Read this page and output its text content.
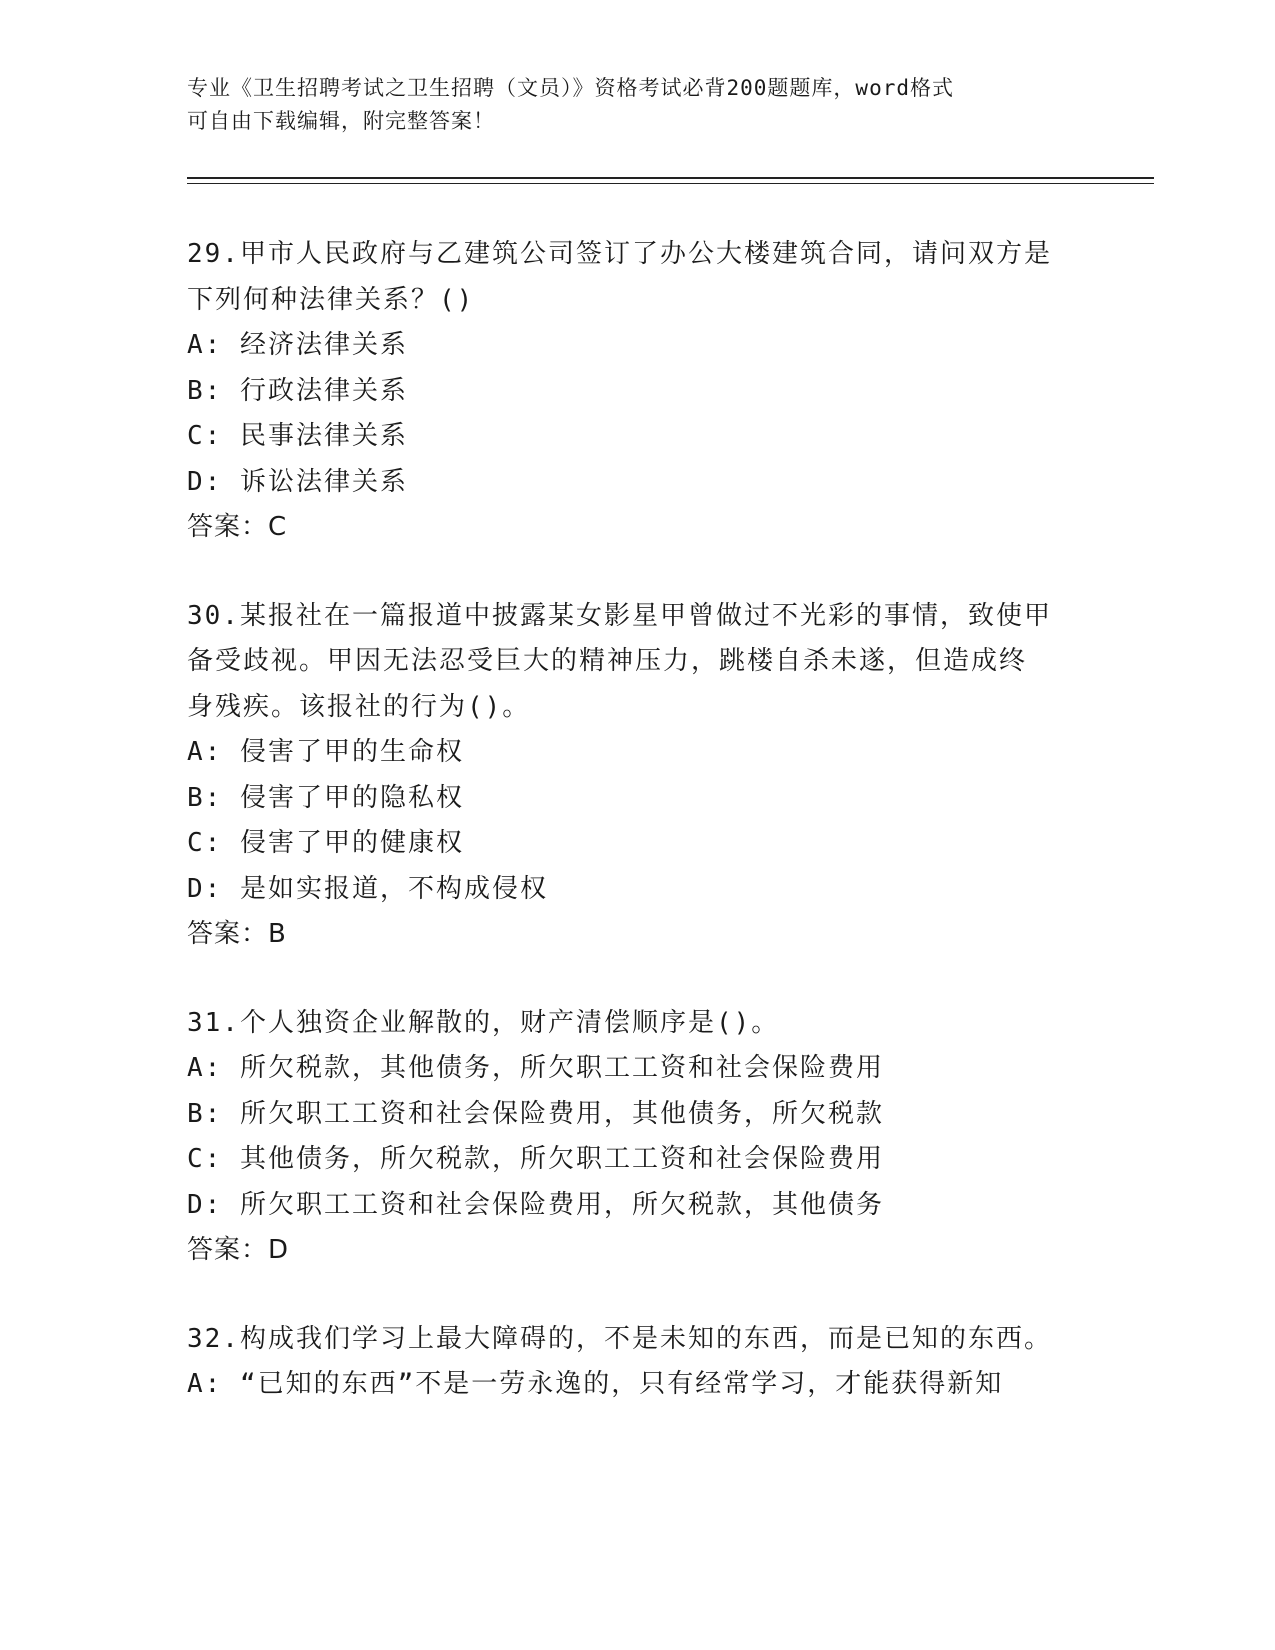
专业《卫生招聘考试之卫生招聘（文员）》资格考试必背200题题库，word格式
可自由下载编辑，附完整答案！
29.甲市人民政府与乙建筑公司签订了办公大楼建筑合同，请问双方是
下列何种法律关系？()
A: 经济法律关系
B: 行政法律关系
C: 民事法律关系
D: 诉讼法律关系
答案：C
30.某报社在一篇报道中披露某女影星甲曾做过不光彩的事情，致使甲
备受歧视。甲因无法忍受巨大的精神压力，跳楼自杀未遂，但造成终
身残疾。该报社的行为()。
A: 侵害了甲的生命权
B: 侵害了甲的隐私权
C: 侵害了甲的健康权
D: 是如实报道，不构成侵权
答案：B
31.个人独资企业解散的，财产清偿顺序是()。
A: 所欠税款，其他债务，所欠职工工资和社会保险费用
B: 所欠职工工资和社会保险费用，其他债务，所欠税款
C: 其他债务，所欠税款，所欠职工工资和社会保险费用
D: 所欠职工工资和社会保险费用，所欠税款，其他债务
答案：D
32.构成我们学习上最大障碍的，不是未知的东西，而是已知的东西。
A: “已知的东西”不是一劳永逸的，只有经常学习，才能获得新知
